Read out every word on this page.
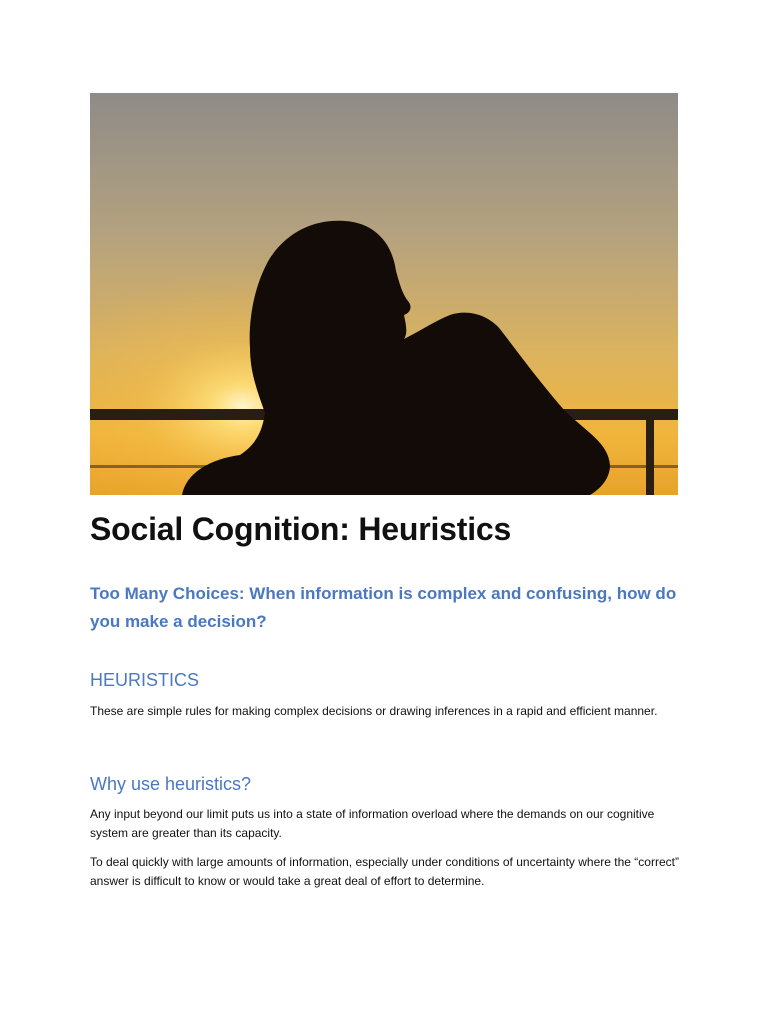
Social Cognition: Heuristics
Too Many Choices: When information is complex and confusing, how do you make a decision?
HEURISTICS

These are simple rules for making complex decisions or drawing inferences in a rapid and efficient manner.

Why use heuristics?

Any input beyond our limit puts us into a state of information overload where the demands on our cognitive system are greater than its capacity.

To deal quickly with large amounts of information, especially under conditions of uncertainty where the “correct” answer is difficult to know or would take a great deal of effort to determine.
